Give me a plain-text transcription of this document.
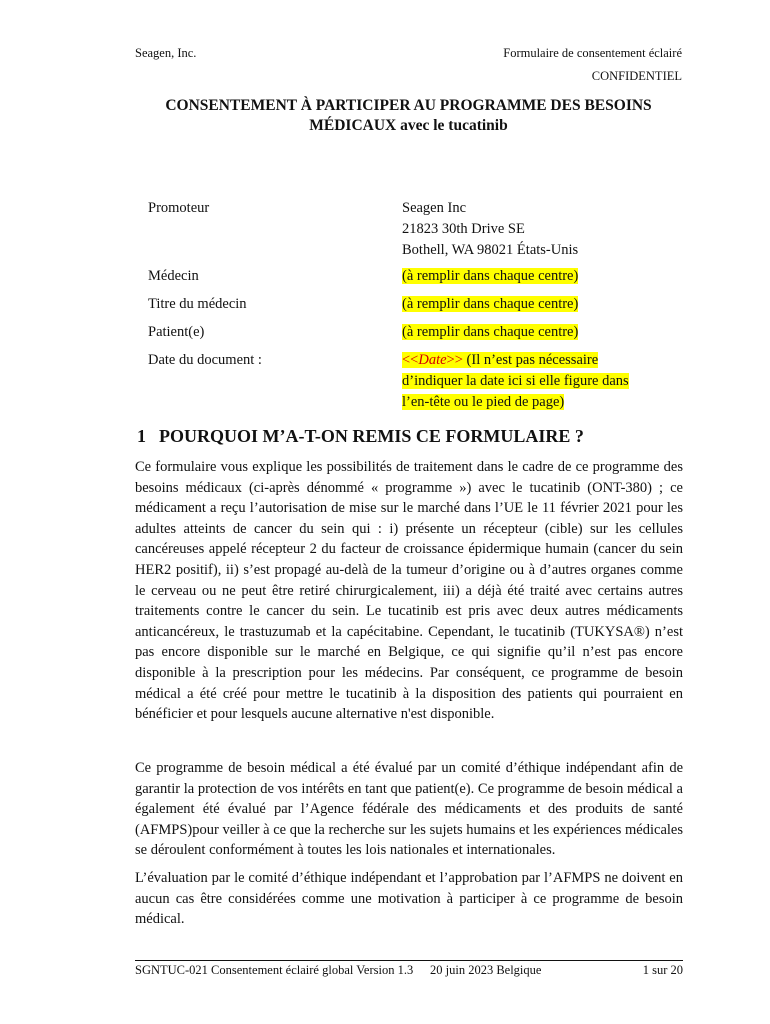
Seagen, Inc.	Formulaire de consentement éclairé
CONFIDENTIEL
CONSENTEMENT À PARTICIPER AU PROGRAMME DES BESOINS
MÉDICAUX avec le tucatinib
Promoteur	Seagen Inc
21823 30th Drive SE
Bothell, WA 98021 États-Unis
Médecin	(à remplir dans chaque centre)
Titre du médecin	(à remplir dans chaque centre)
Patient(e)	(à remplir dans chaque centre)
Date du document :	<<Date>> (Il n’est pas nécessaire
d’indiquer la date ici si elle figure dans
l’en-tête ou le pied de page)
1 POURQUOI M’A-T-ON REMIS CE FORMULAIRE ?

Ce formulaire vous explique les possibilités de traitement dans le cadre de ce programme des besoins médicaux (ci-après dénommé « programme ») avec le tucatinib (ONT-380) ; ce médicament a reçu l’autorisation de mise sur le marché dans l’UE le 11 février 2021 pour les adultes atteints de cancer du sein qui : i) présente un récepteur (cible) sur les cellules cancéreuses appelé récepteur 2 du facteur de croissance épidermique humain (cancer du sein HER2 positif), ii) s’est propagé au-delà de la tumeur d’origine ou à d’autres organes comme le cerveau ou ne peut être retiré chirurgicalement, iii) a déjà été traité avec certains autres traitements contre le cancer du sein. Le tucatinib est pris avec deux autres médicaments anticancéreux, le trastuzumab et la capécitabine. Cependant, le tucatinib (TUKYSA®) n’est pas encore disponible sur le marché en Belgique, ce qui signifie qu’il n’est pas encore disponible à la prescription pour les médecins. Par conséquent, ce programme de besoin médical a été créé pour mettre le tucatinib à la disposition des patients qui pourraient en bénéficier et pour lesquels aucune alternative n'est disponible.

Ce programme de besoin médical a été évalué par un comité d’éthique indépendant afin de garantir la protection de vos intérêts en tant que patient(e). Ce programme de besoin médical a également été évalué par l’Agence fédérale des médicaments et des produits de santé (AFMPS)pour veiller à ce que la recherche sur les sujets humains et les expériences médicales se déroulent conformément à toutes les lois nationales et internationales.

L’évaluation par le comité d’éthique indépendant et l’approbation par l’AFMPS ne doivent en aucun cas être considérées comme une motivation à participer à ce programme de besoin médical.

SGNTUC-021 Consentement éclairé global Version 1.3 20 juin 2023 Belgique	1 sur 20
